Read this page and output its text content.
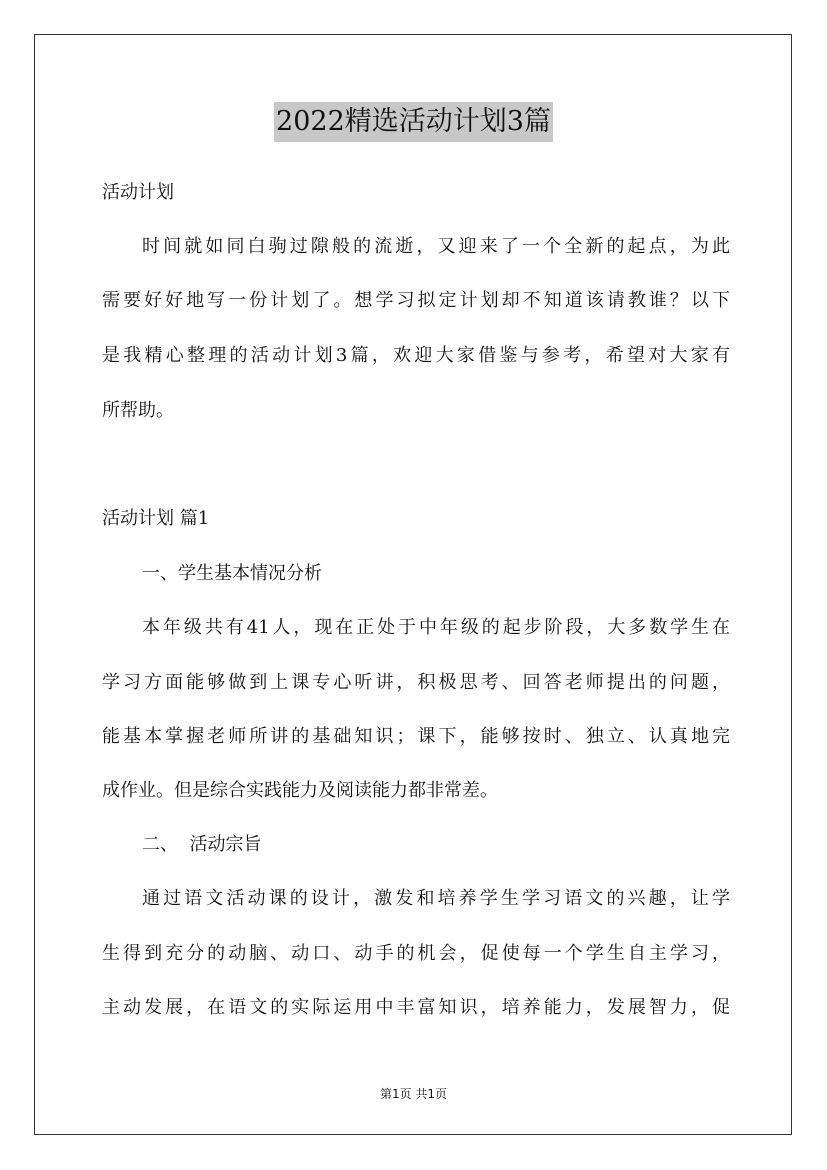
2022精选活动计划3篇
活动计划
时间就如同白驹过隙般的流逝，又迎来了一个全新的起点，为此
需要好好地写一份计划了。想学习拟定计划却不知道该请教谁？以下
是我精心整理的活动计划3篇，欢迎大家借鉴与参考，希望对大家有
所帮助。
活动计划 篇1
一、学生基本情况分析
本年级共有41人，现在正处于中年级的起步阶段，大多数学生在
学习方面能够做到上课专心听讲，积极思考、回答老师提出的问题，
能基本掌握老师所讲的基础知识；课下，能够按时、独立、认真地完
成作业。但是综合实践能力及阅读能力都非常差。
二、  活动宗旨
通过语文活动课的设计，激发和培养学生学习语文的兴趣，让学
生得到充分的动脑、动口、动手的机会，促使每一个学生自主学习，
主动发展，在语文的实际运用中丰富知识，培养能力，发展智力，促
第1页 共1页
